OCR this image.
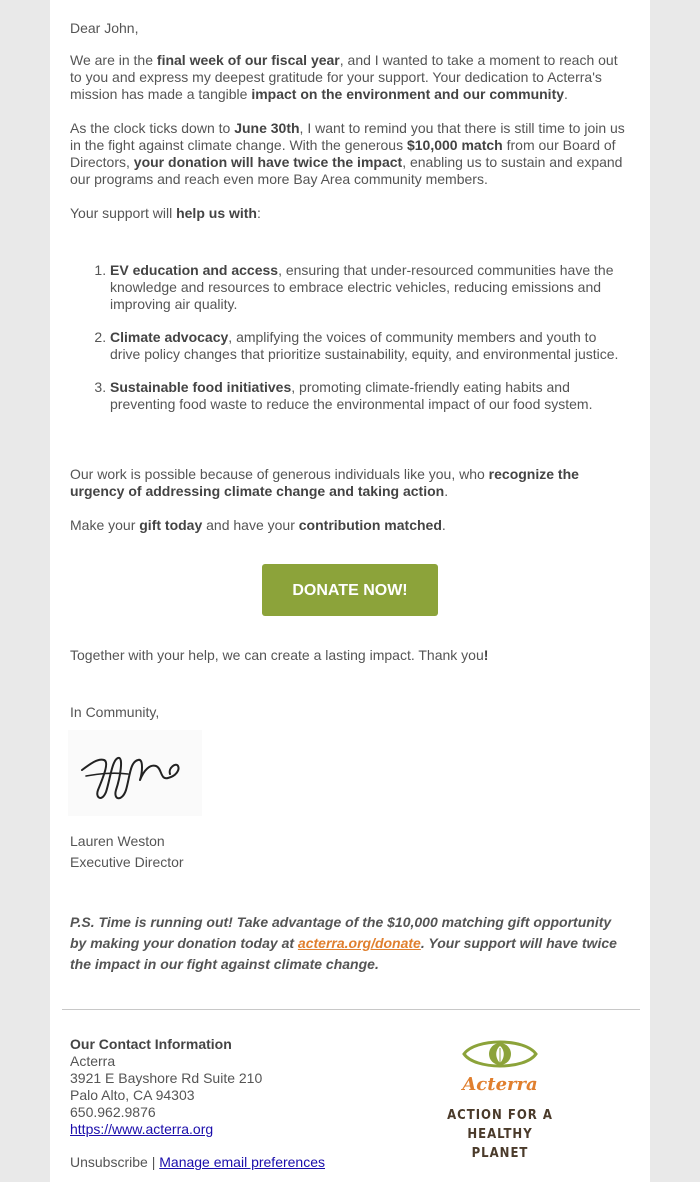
Dear John,

We are in the final week of our fiscal year, and I wanted to take a moment to reach out to you and express my deepest gratitude for your support. Your dedication to Acterra's mission has made a tangible impact on the environment and our community.

As the clock ticks down to June 30th, I want to remind you that there is still time to join us in the fight against climate change. With the generous $10,000 match from our Board of Directors, your donation will have twice the impact, enabling us to sustain and expand our programs and reach even more Bay Area community members.

Your support will help us with:

1. EV education and access, ensuring that under-resourced communities have the knowledge and resources to embrace electric vehicles, reducing emissions and improving air quality.
2. Climate advocacy, amplifying the voices of community members and youth to drive policy changes that prioritize sustainability, equity, and environmental justice.
3. Sustainable food initiatives, promoting climate-friendly eating habits and preventing food waste to reduce the environmental impact of our food system.

Our work is possible because of generous individuals like you, who recognize the urgency of addressing climate change and taking action.

Make your gift today and have your contribution matched.

DONATE NOW!

Together with your help, we can create a lasting impact. Thank you!

In Community,

Lauren Weston
Executive Director

P.S. Time is running out! Take advantage of the $10,000 matching gift opportunity by making your donation today at acterra.org/donate. Your support will have twice the impact in our fight against climate change.

Our Contact Information
Acterra
3921 E Bayshore Rd Suite 210
Palo Alto, CA 94303
650.962.9876
https://www.acterra.org
Unsubscribe | Manage email preferences
Acterra
ACTION FOR A
HEALTHY PLANET
